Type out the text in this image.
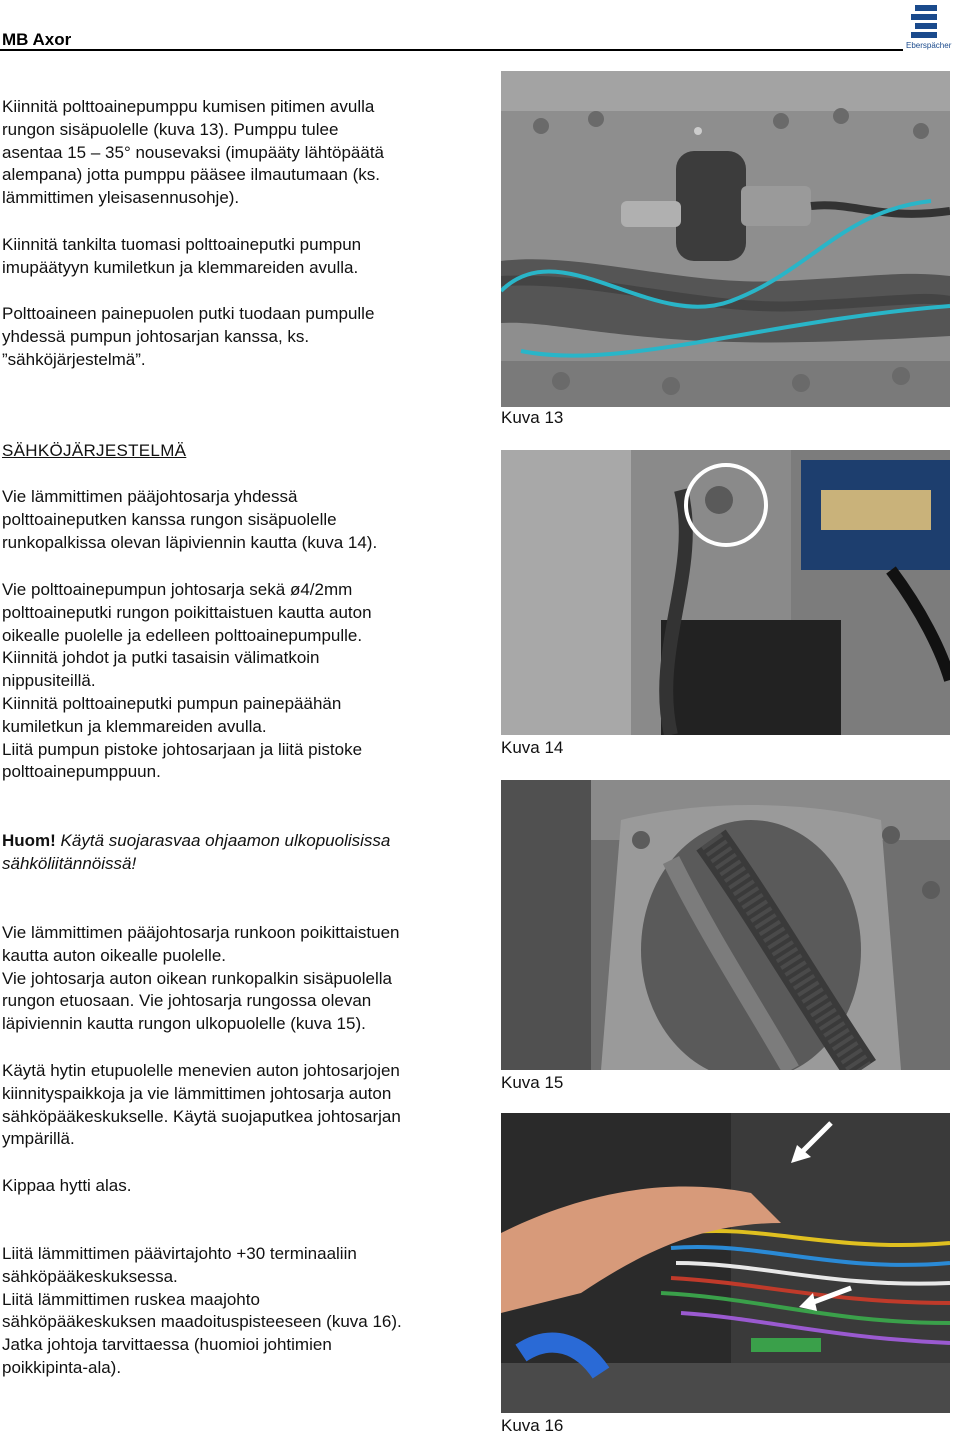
MB Axor	Eberspächer
Kiinnitä polttoainepumppu kumisen pitimen avulla
rungon sisäpuolelle (kuva 13). Pumppu tulee
asentaa 15 – 35° nousevaksi (imupääty lähtöpäätä
alempana) jotta pumppu pääsee ilmautumaan (ks.
lämmittimen yleisasennusohje).
Kiinnitä tankilta tuomasi polttoaineputki pumpun
imupäätyyn kumiletkun ja klemmareiden avulla.
Polttoaineen painepuolen putki tuodaan pumpulle
yhdessä pumpun johtosarjan kanssa, ks.
”sähköjärjestelmä”.
SÄHKÖJÄRJESTELMÄ
Vie lämmittimen pääjohtosarja yhdessä
polttoaineputken kanssa rungon sisäpuolelle
runkopalkissa olevan läpiviennin kautta (kuva 14).
Vie polttoainepumpun johtosarja sekä ø4/2mm
polttoaineputki rungon poikittaistuen kautta auton
oikealle puolelle ja edelleen polttoainepumpulle.
Kiinnitä johdot ja putki tasaisin välimatkoin
nippusiteillä.
Kiinnitä polttoaineputki pumpun painepäähän
kumiletkun ja klemmareiden avulla.
Liitä pumpun pistoke johtosarjaan ja liitä pistoke
polttoainepumppuun.
Huom! Käytä suojarasvaa ohjaamon ulkopuolisissa
sähköliitännöissä!
Vie lämmittimen pääjohtosarja runkoon poikittaistuen
kautta auton oikealle puolelle.
Vie johtosarja auton oikean runkopalkin sisäpuolella
rungon etuosaan. Vie johtosarja rungossa olevan
läpiviennin kautta rungon ulkopuolelle (kuva 15).
Käytä hytin etupuolelle menevien auton johtosarjojen
kiinnityspaikkoja ja vie lämmittimen johtosarja auton
sähköpääkeskukselle. Käytä suojaputkea johtosarjan
ympärillä.
Kippaa hytti alas.
Liitä lämmittimen päävirtajohto +30 terminaaliin
sähköpääkeskuksessa.
Liitä lämmittimen ruskea maajohto
sähköpääkeskuksen maadoituspisteeseen (kuva 16).
Jatka johtoja tarvittaessa (huomioi johtimien
poikkipinta-ala).
Kuva 13
Kuva 14
Kuva 15
Kuva 16
